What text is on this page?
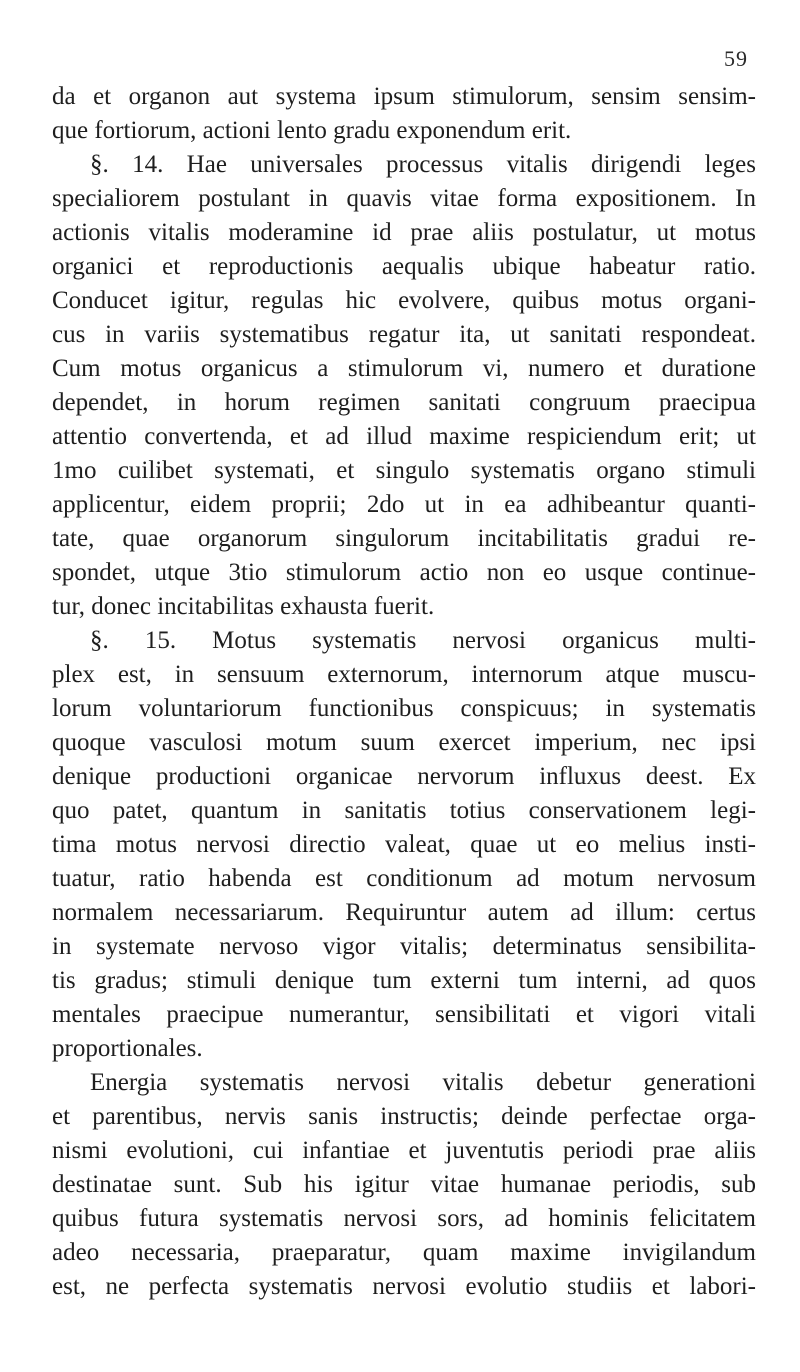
59
da et organon aut systema ipsum stimulorum, sensim sensim-
que fortiorum, actioni lento gradu exponendum erit.
§. 14. Hae universales processus vitalis dirigendi leges
specialiorem postulant in quavis vitae forma expositionem. In
actionis vitalis moderamine id prae aliis postulatur, ut motus
organici et reproductionis aequalis ubique habeatur ratio.
Conducet igitur, regulas hic evolvere, quibus motus organi-
cus in variis systematibus regatur ita, ut sanitati respondeat.
Cum motus organicus a stimulorum vi, numero et duratione
dependet, in horum regimen sanitati congruum praecipua
attentio convertenda, et ad illud maxime respiciendum erit; ut
1mo cuilibet systemati, et singulo systematis organo stimuli
applicentur, eidem proprii; 2do ut in ea adhibeantur quanti-
tate, quae organorum singulorum incitabilitatis gradui re-
spondet, utque 3tio stimulorum actio non eo usque continue-
tur, donec incitabilitas exhausta fuerit.
§. 15. Motus systematis nervosi organicus multi-
plex est, in sensuum externorum, internorum atque muscu-
lorum voluntariorum functionibus conspicuus; in systematis
quoque vasculosi motum suum exercet imperium, nec ipsi
denique productioni organicae nervorum influxus deest. Ex
quo patet, quantum in sanitatis totius conservationem legi-
tima motus nervosi directio valeat, quae ut eo melius insti-
tuatur, ratio habenda est conditionum ad motum nervosum
normalem necessariarum. Requiruntur autem ad illum: certus
in systemate nervoso vigor vitalis; determinatus sensibilita-
tis gradus; stimuli denique tum externi tum interni, ad quos
mentales praecipue numerantur, sensibilitati et vigori vitali
proportionales.
Energia systematis nervosi vitalis debetur generationi
et parentibus, nervis sanis instructis; deinde perfectae orga-
nismi evolutioni, cui infantiae et juventutis periodi prae aliis
destinatae sunt. Sub his igitur vitae humanae periodis, sub
quibus futura systematis nervosi sors, ad hominis felicitatem
adeo necessaria, praeparatur, quam maxime invigilandum
est, ne perfecta systematis nervosi evolutio studiis et labori-
